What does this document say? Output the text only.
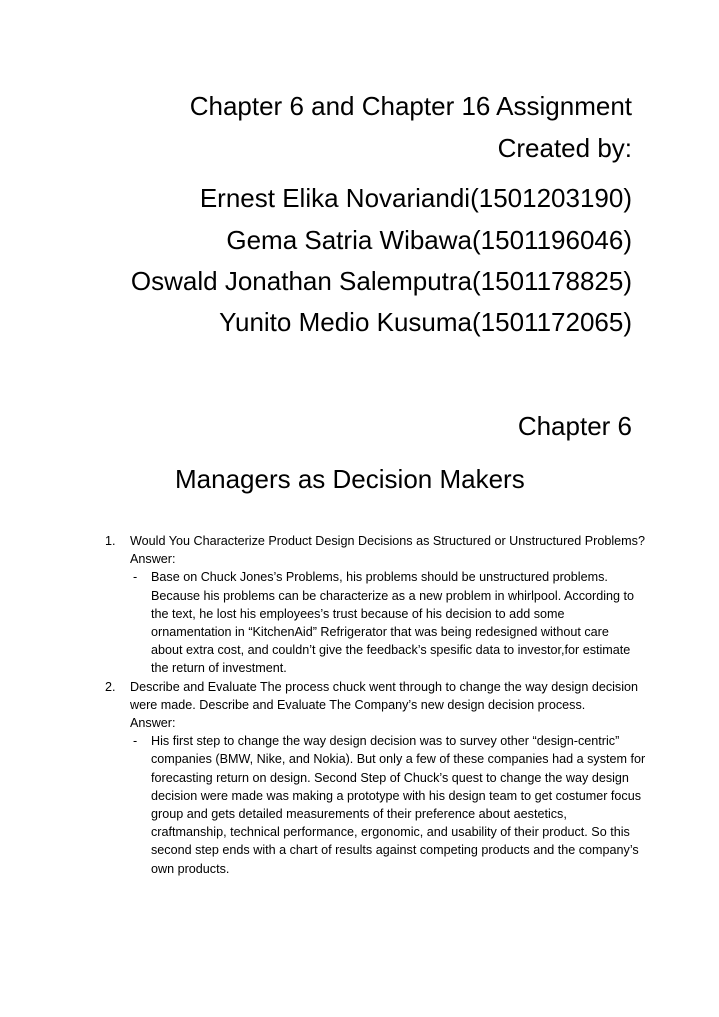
Chapter 6 and Chapter 16 Assignment
Created by:
Ernest Elika Novariandi(1501203190)
Gema Satria Wibawa(1501196046)
Oswald Jonathan Salemputra(1501178825)
Yunito Medio Kusuma(1501172065)
Chapter 6
Managers as Decision Makers
1. Would You Characterize Product Design Decisions as Structured or Unstructured Problems?
Answer:
- Base on Chuck Jones’s Problems, his problems should be unstructured problems.
Because his problems can be characterize as a new problem in whirlpool. According to
the text, he lost his employees’s trust because of his decision to add some
ornamentation in “KitchenAid” Refrigerator that was being redesigned without care
about extra cost, and couldn’t give the feedback’s spesific data to investor,for estimate
the return of investment.
2. Describe and Evaluate The process chuck went through to change the way design decision
were made. Describe and Evaluate The Company’s new design decision process.
Answer:
- His first step to change the way design decision was to survey other “design-centric”
companies (BMW, Nike, and Nokia). But only a few of these companies had a system for
forecasting return on design. Second Step of Chuck’s quest to change the way design
decision were made was making a prototype with his design team to get costumer focus
group and gets detailed measurements of their preference about aestetics,
craftmanship, technical performance, ergonomic, and usability of their product. So this
second step ends with a chart of results against competing products and the company’s
own products.
